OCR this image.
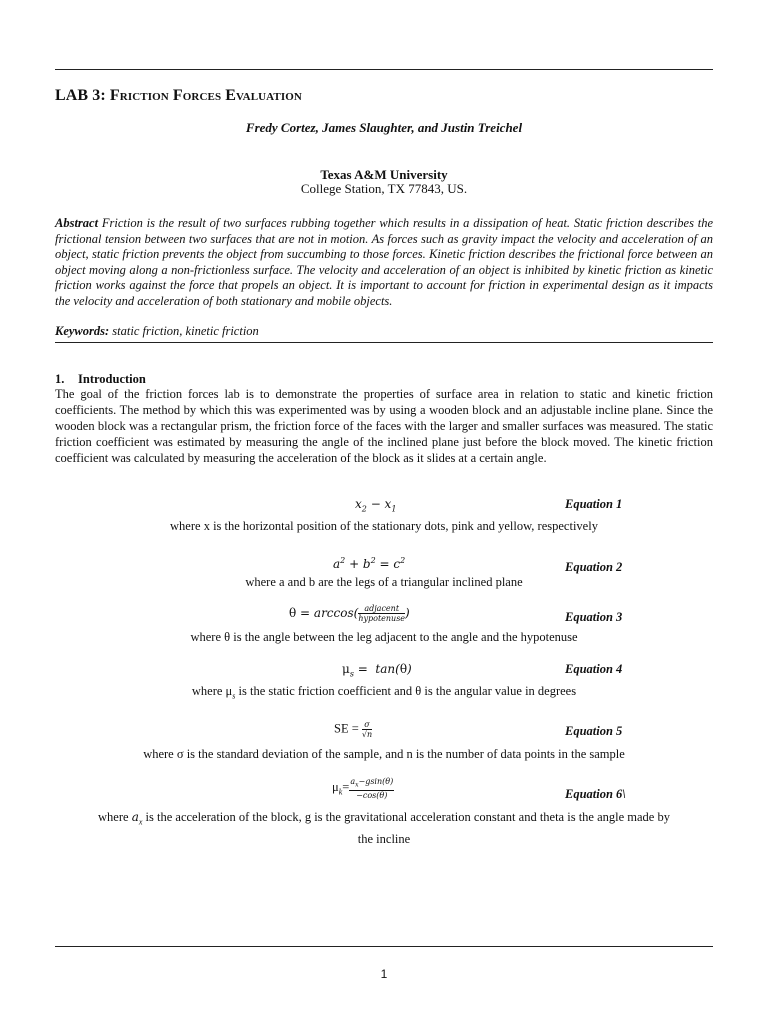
LAB 3: Friction Forces Evaluation
Fredy Cortez, James Slaughter, and Justin Treichel
Texas A&M University
College Station, TX 77843, US.
Abstract Friction is the result of two surfaces rubbing together which results in a dissipation of heat. Static friction describes the frictional tension between two surfaces that are not in motion. As forces such as gravity impact the velocity and acceleration of an object, static friction prevents the object from succumbing to those forces. Kinetic friction describes the frictional force between an object moving along a non-frictionless surface. The velocity and acceleration of an object is inhibited by kinetic friction as kinetic friction works against the force that propels an object. It is important to account for friction in experimental design as it impacts the velocity and acceleration of both stationary and mobile objects.
Keywords: static friction, kinetic friction
1. Introduction
The goal of the friction forces lab is to demonstrate the properties of surface area in relation to static and kinetic friction coefficients. The method by which this was experimented was by using a wooden block and an adjustable incline plane. Since the wooden block was a rectangular prism, the friction force of the faces with the larger and smaller surfaces was measured. The static friction coefficient was estimated by measuring the angle of the inclined plane just before the block moved. The kinetic friction coefficient was calculated by measuring the acceleration of the block as it slides at a certain angle.
$x_2 - x_1$	Equation 1
where x is the horizontal position of the stationary dots, pink and yellow, respectively
$a^2 + b^2 = c^2$	Equation 2
where a and b are the legs of a triangular inclined plane
$\theta = \arccos( \frac{\text{adjacent}}{\text{hypotenuse}}$ )	Equation 3
where θ is the angle between the leg adjacent to the angle and the hypotenuse
$\mu_s = \tan(\theta)$	Equation 4
where $\mu_s$ is the static friction coefficient and θ is the angular value in degrees
SE = $\frac{\sigma}{√n}$	Equation 5
where σ is the standard deviation of the sample, and n is the number of data points in the sample
$\mu_k= \frac{a_x-gsin(\theta)}{-\cos(\theta)}$	Equation 6\
where $a_x$ is the acceleration of the block, g is the gravitational acceleration constant and theta is the angle made by
the incline
1
